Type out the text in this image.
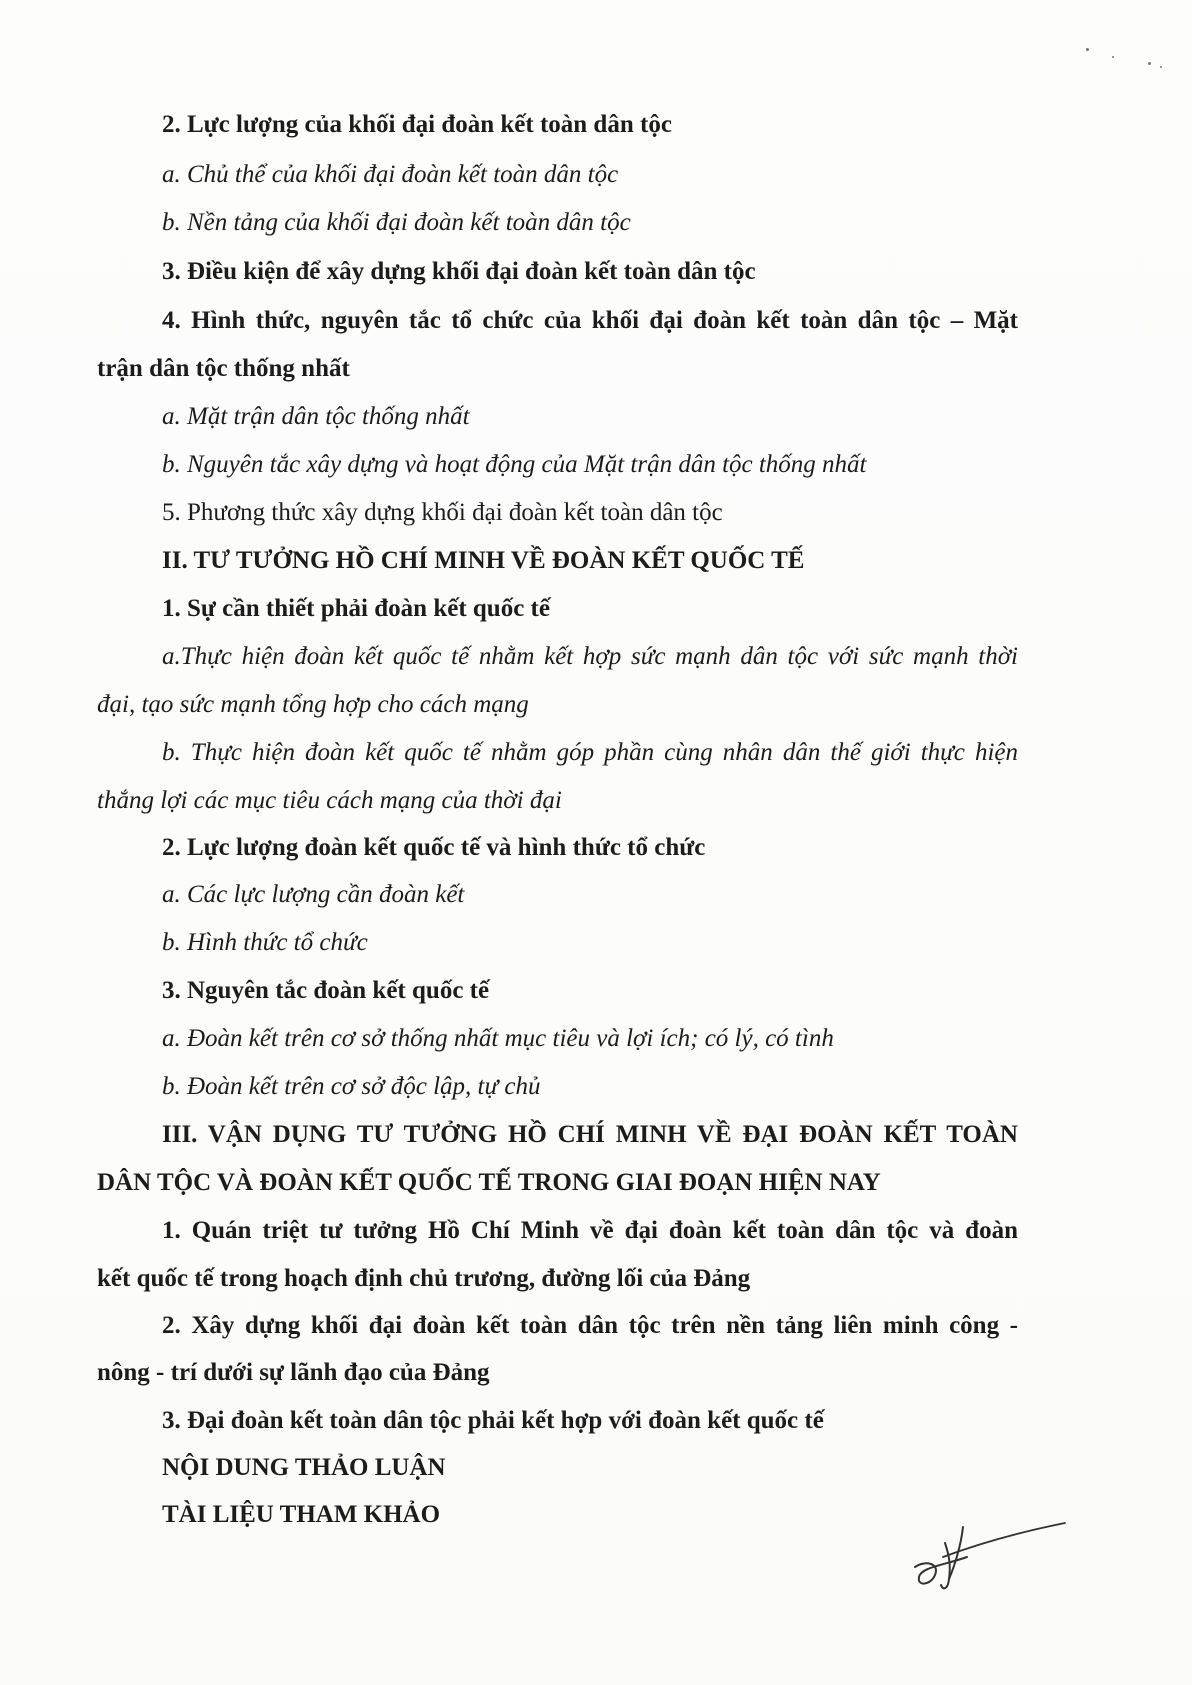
2. Lực lượng của khối đại đoàn kết toàn dân tộc
a. Chủ thể của khối đại đoàn kết toàn dân tộc
b. Nền tảng của khối đại đoàn kết toàn dân tộc
3. Điều kiện để xây dựng khối đại đoàn kết toàn dân tộc
4. Hình thức, nguyên tắc tổ chức của khối đại đoàn kết toàn dân tộc – Mặt
trận dân tộc thống nhất
a. Mặt trận dân tộc thống nhất
b. Nguyên tắc xây dựng và hoạt động của Mặt trận dân tộc thống nhất
5. Phương thức xây dựng khối đại đoàn kết toàn dân tộc
II. TƯ TƯỞNG HỒ CHÍ MINH VỀ ĐOÀN KẾT QUỐC TẾ
1. Sự cần thiết phải đoàn kết quốc tế
a.Thực hiện đoàn kết quốc tế nhằm kết hợp sức mạnh dân tộc với sức mạnh thời
đại, tạo sức mạnh tổng hợp cho cách mạng
b. Thực hiện đoàn kết quốc tế nhằm góp phần cùng nhân dân thế giới thực hiện
thắng lợi các mục tiêu cách mạng của thời đại
2. Lực lượng đoàn kết quốc tế và hình thức tổ chức
a. Các lực lượng cần đoàn kết
b. Hình thức tổ chức
3. Nguyên tắc đoàn kết quốc tế
a. Đoàn kết trên cơ sở thống nhất mục tiêu và lợi ích; có lý, có tình
b. Đoàn kết trên cơ sở độc lập, tự chủ
III. VẬN DỤNG TƯ TƯỞNG HỒ CHÍ MINH VỀ ĐẠI ĐOÀN KẾT TOÀN
DÂN TỘC VÀ ĐOÀN KẾT QUỐC TẾ TRONG GIAI ĐOẠN HIỆN NAY
1. Quán triệt tư tưởng Hồ Chí Minh về đại đoàn kết toàn dân tộc và đoàn
kết quốc tế trong hoạch định chủ trương, đường lối của Đảng
2. Xây dựng khối đại đoàn kết toàn dân tộc trên nền tảng liên minh công -
nông - trí dưới sự lãnh đạo của Đảng
3. Đại đoàn kết toàn dân tộc phải kết hợp với đoàn kết quốc tế
NỘI DUNG THẢO LUẬN
TÀI LIỆU THAM KHẢO
